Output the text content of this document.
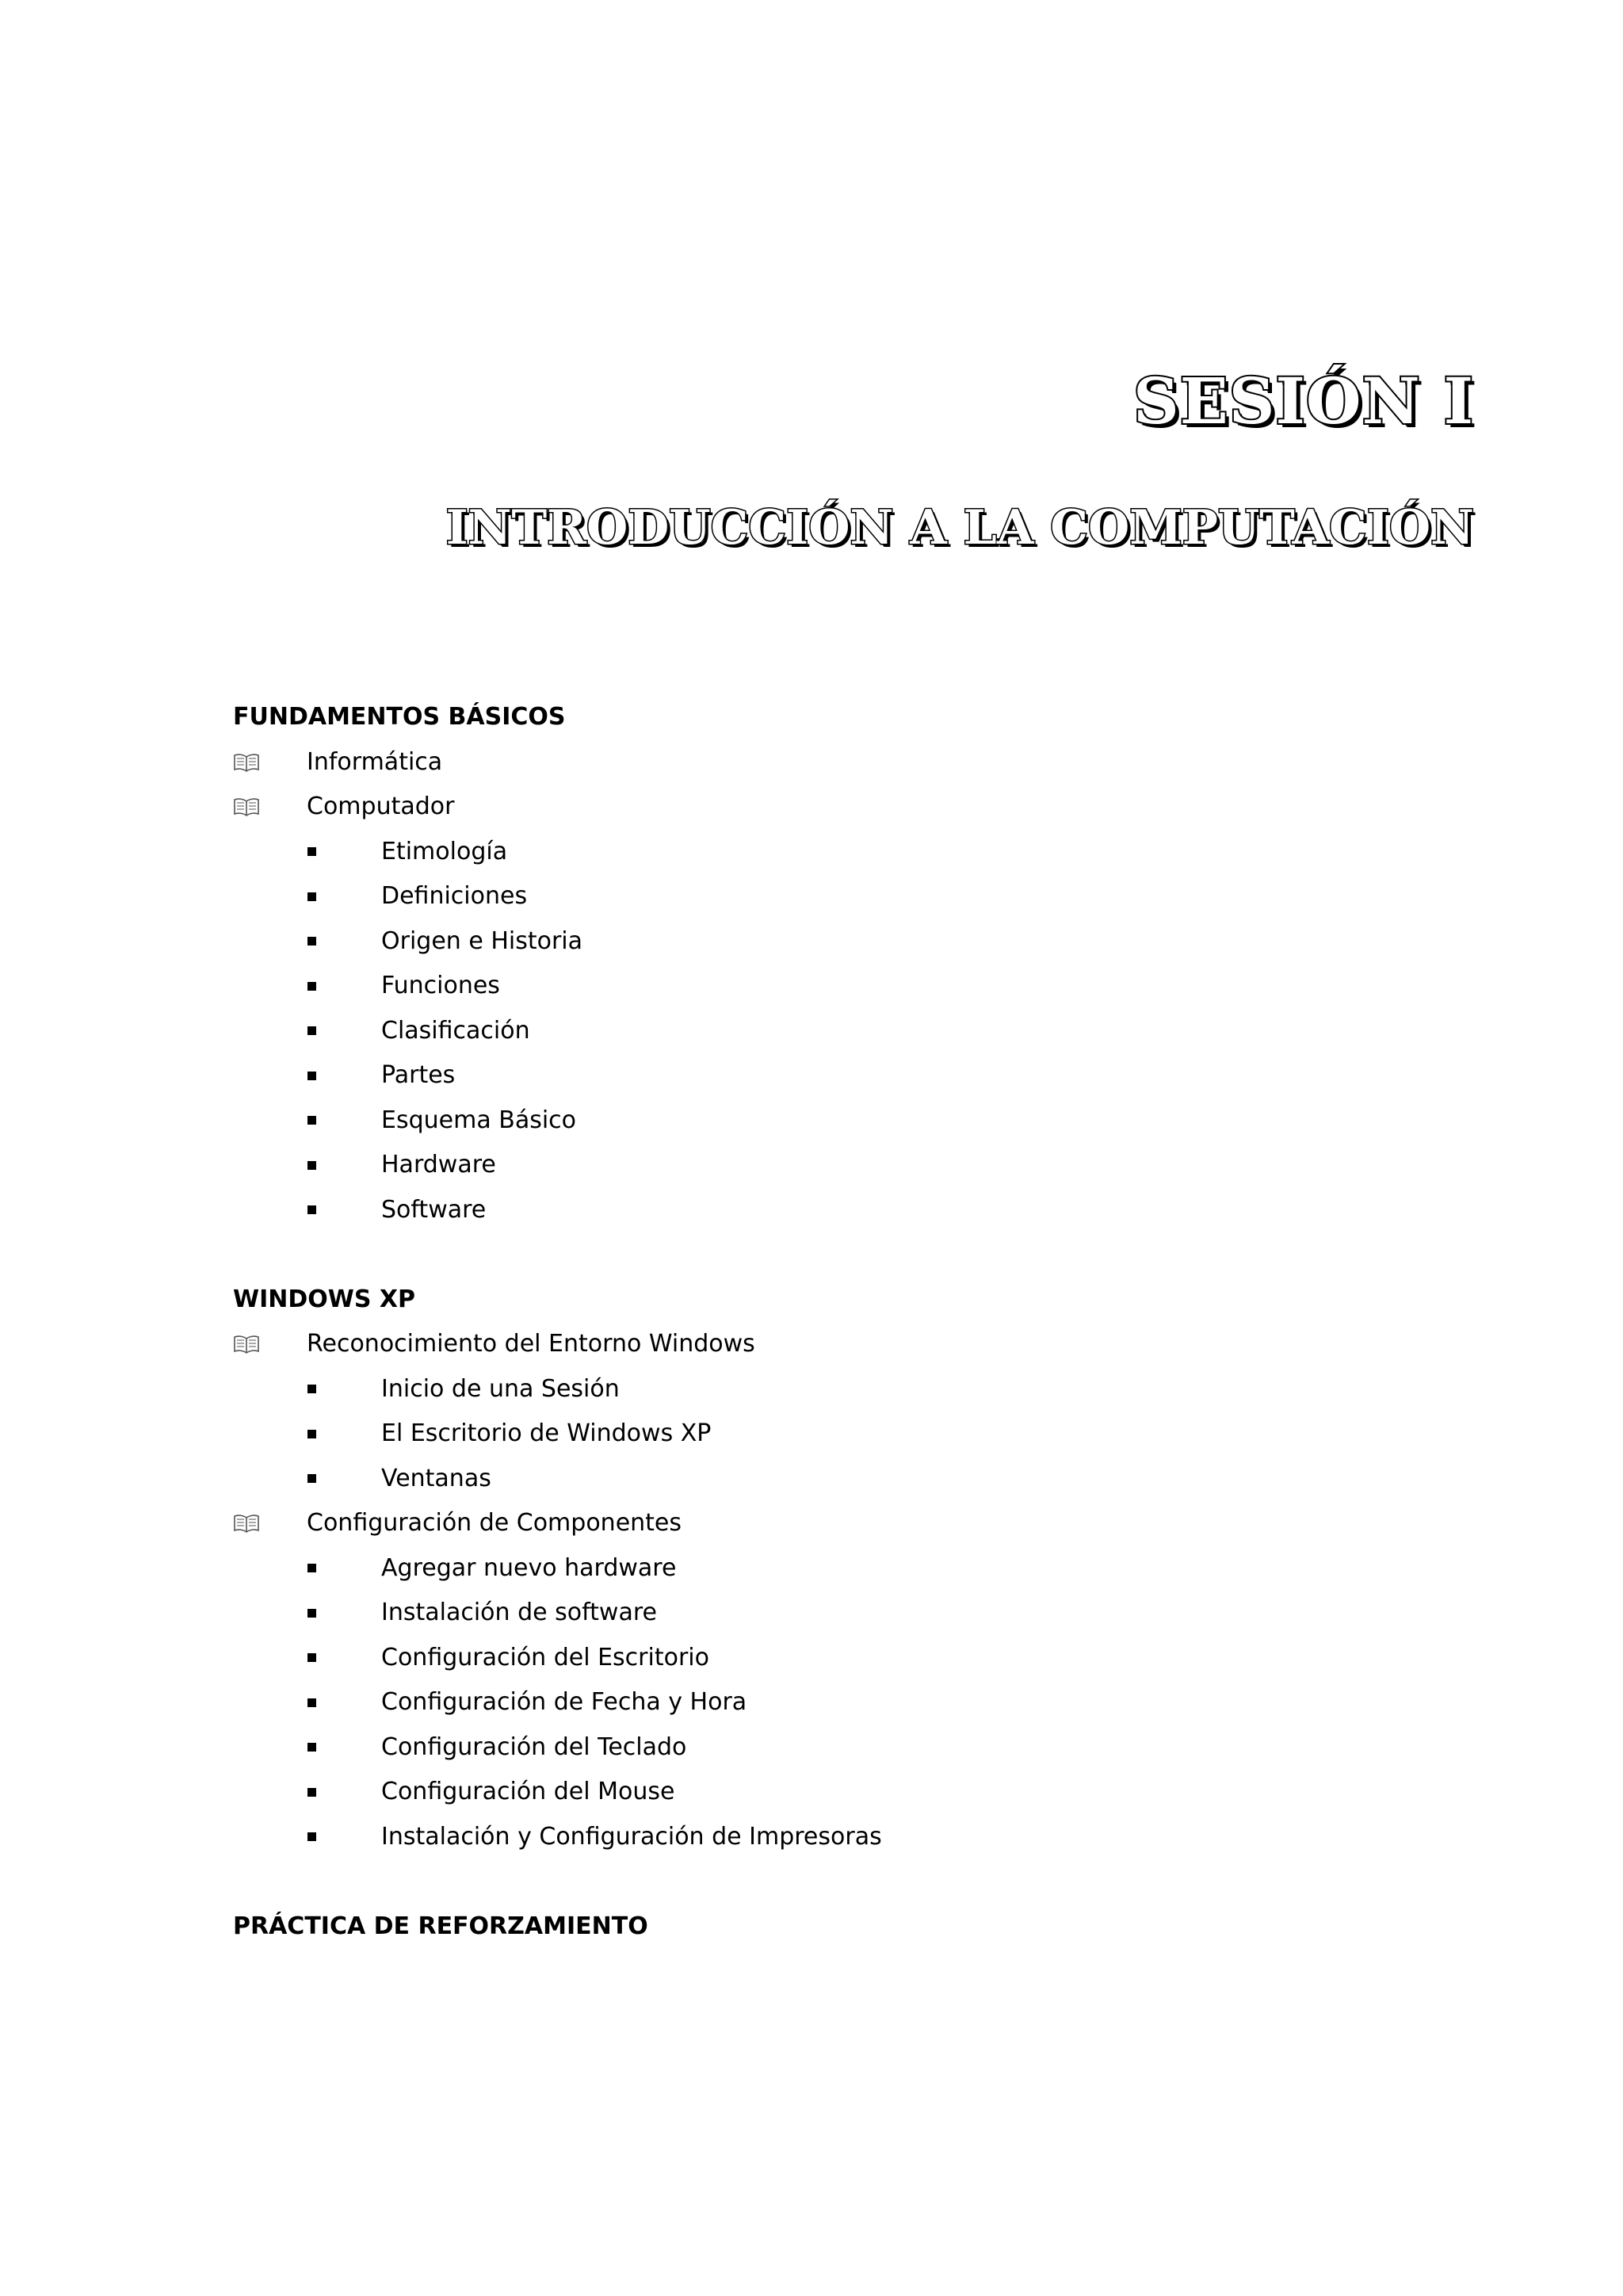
SESIÓN I
INTRODUCCIÓN A LA COMPUTACIÓN
FUNDAMENTOS BÁSICOS
Informática
Computador
Etimología
Definiciones
Origen e Historia
Funciones
Clasificación
Partes
Esquema Básico
Hardware
Software
WINDOWS XP
Reconocimiento del Entorno Windows
Inicio de una Sesión
El Escritorio de Windows XP
Ventanas
Configuración de Componentes
Agregar nuevo hardware
Instalación de software
Configuración del Escritorio
Configuración de Fecha y Hora
Configuración del Teclado
Configuración del Mouse
Instalación y Configuración de Impresoras
PRÁCTICA DE REFORZAMIENTO
